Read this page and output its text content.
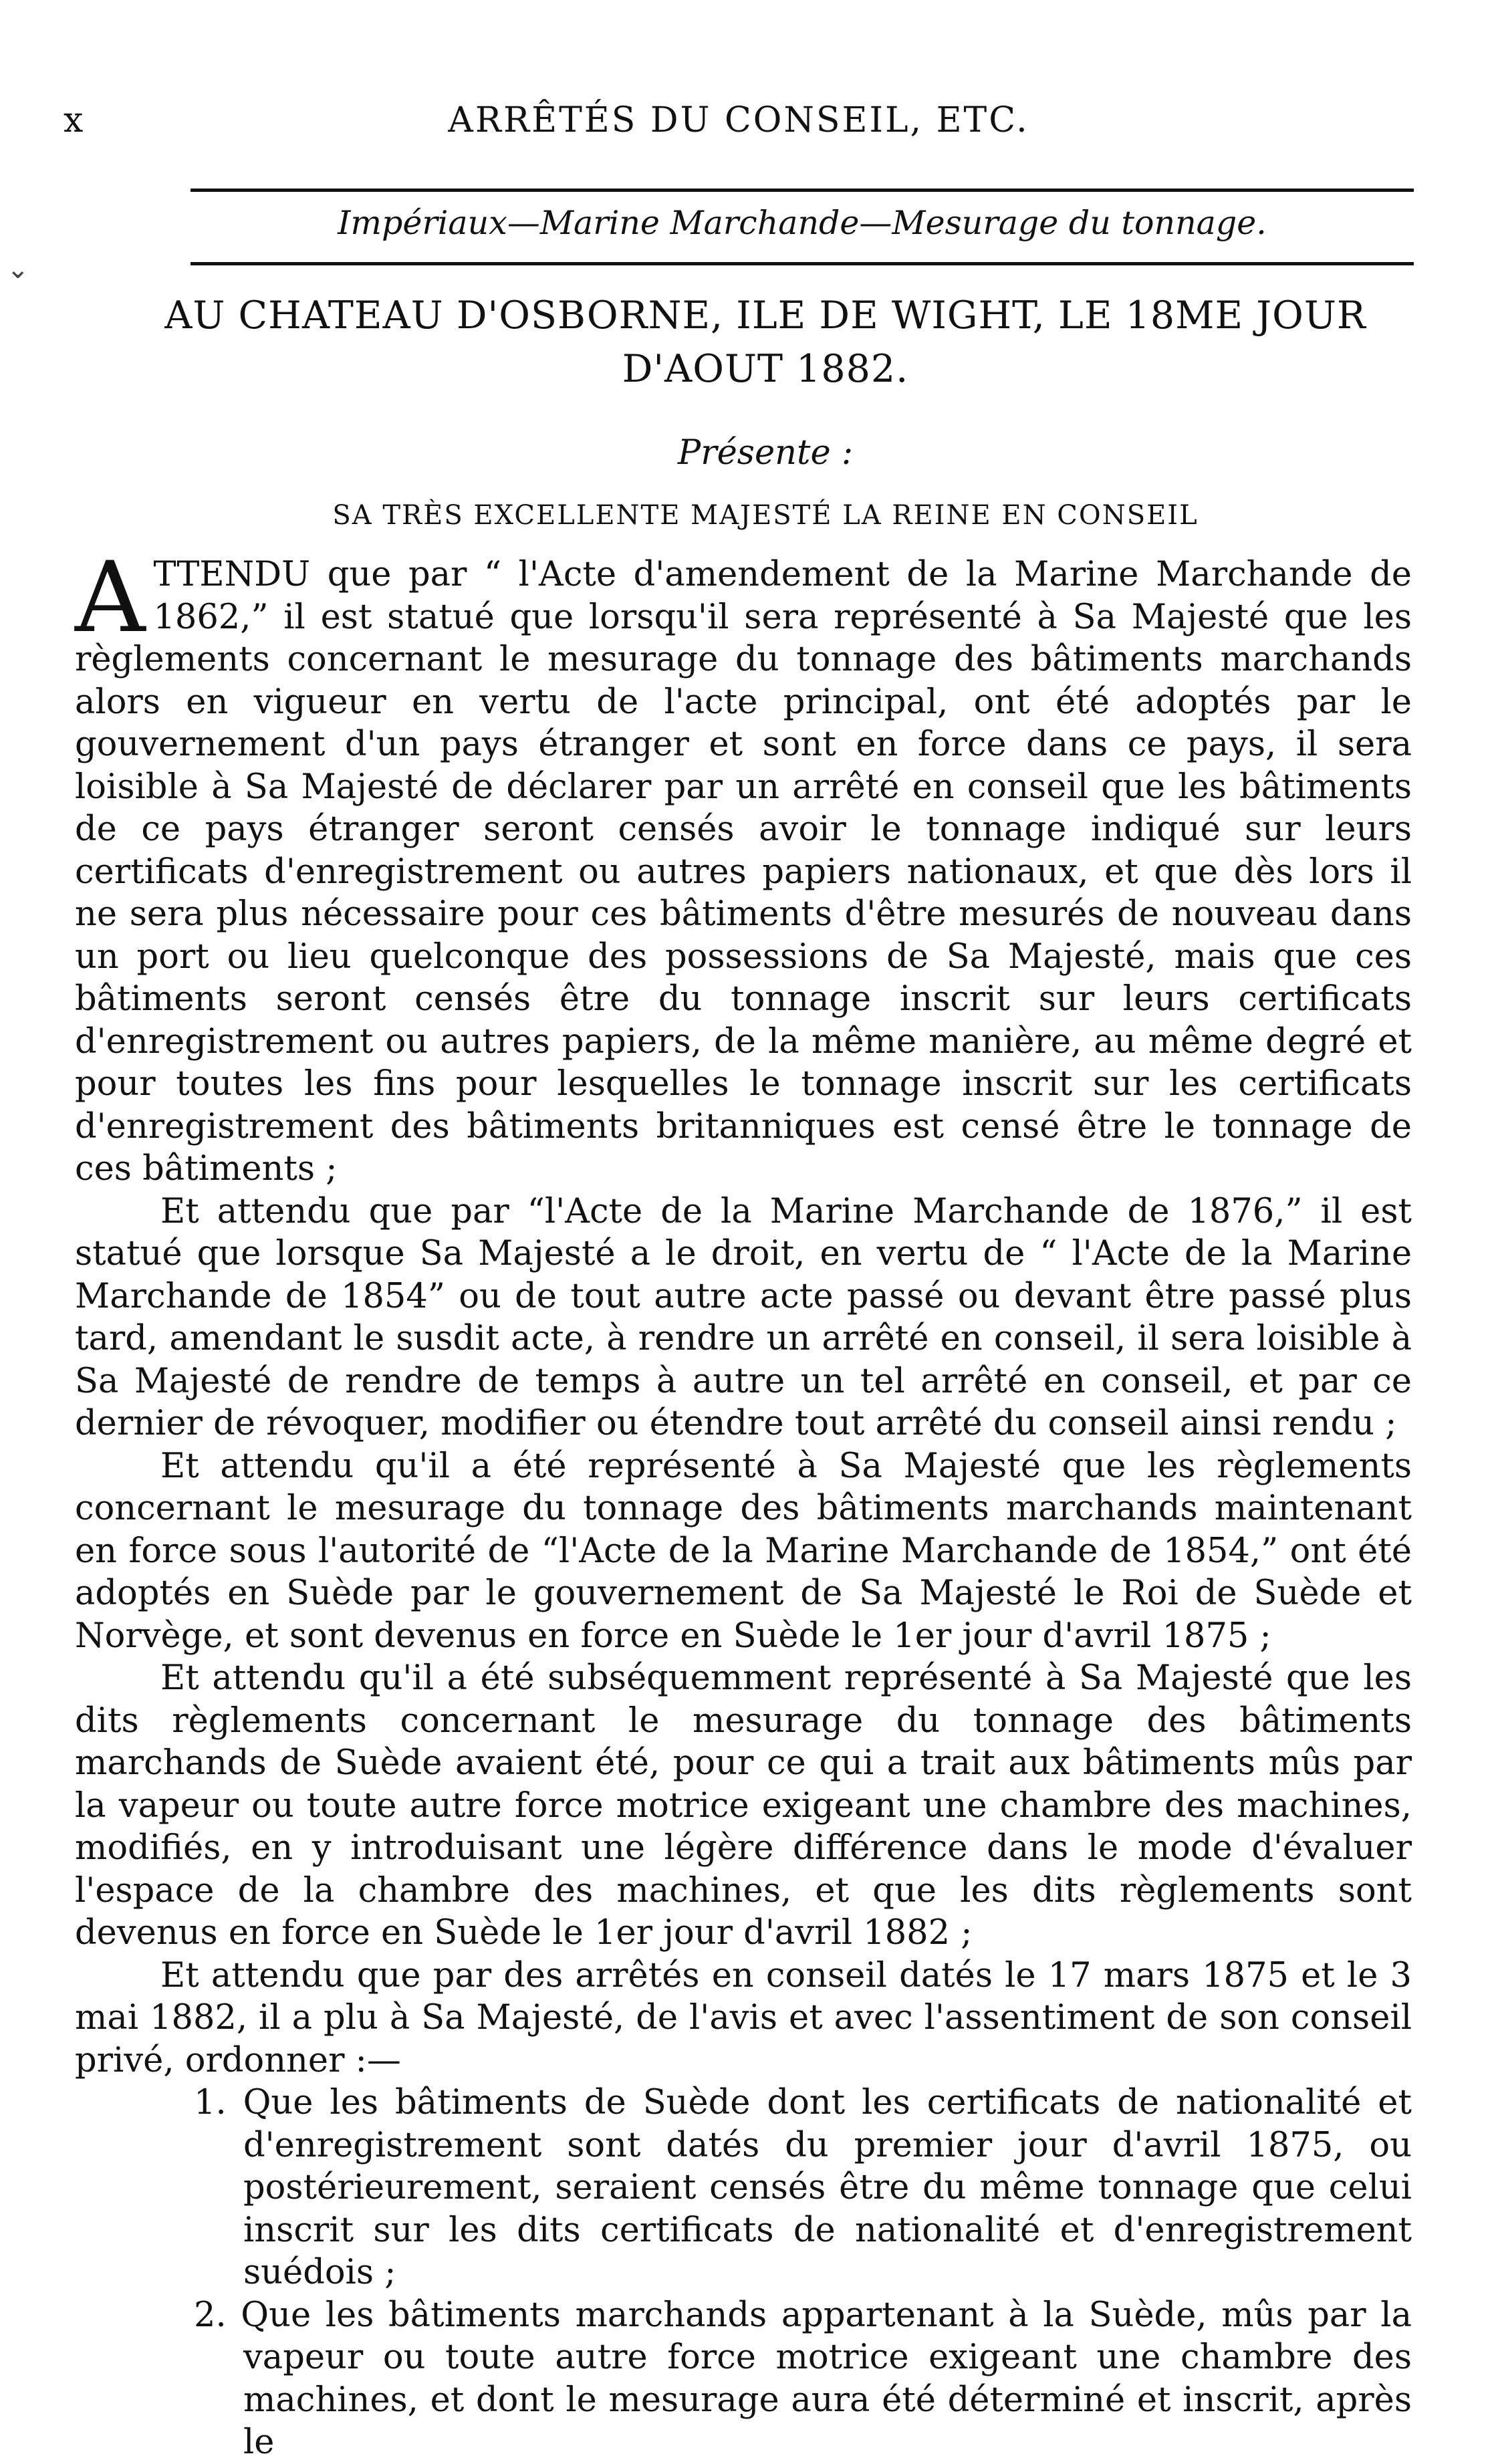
x	ARRÊTÉS DU CONSEIL, ETC.
Impériaux—Marine Marchande—Mesurage du tonnage.
⌄
AU CHATEAU D'OSBORNE, ILE DE WIGHT, LE 18ME JOUR D'AOUT 1882.
Présente :
SA TRÈS EXCELLENTE MAJESTÉ LA REINE EN CONSEIL

ATTENDU que par “ l'Acte d'amendement de la Marine Marchande de 1862,” il est statué que lorsqu'il sera représenté à Sa Majesté que les règlements concernant le mesurage du tonnage des bâtiments marchands alors en vigueur en vertu de l'acte principal, ont été adoptés par le gouvernement d'un pays étranger et sont en force dans ce pays, il sera loisible à Sa Majesté de déclarer par un arrêté en conseil que les bâtiments de ce pays étranger seront censés avoir le tonnage indiqué sur leurs certificats d'enregistrement ou autres papiers nationaux, et que dès lors il ne sera plus nécessaire pour ces bâtiments d'être mesurés de nouveau dans un port ou lieu quelconque des possessions de Sa Majesté, mais que ces bâtiments seront censés être du tonnage inscrit sur leurs certificats d'enregistrement ou autres papiers, de la même manière, au même degré et pour toutes les fins pour lesquelles le tonnage inscrit sur les certificats d'enregistrement des bâtiments britanniques est censé être le tonnage de ces bâtiments ;

Et attendu que par “l'Acte de la Marine Marchande de 1876,” il est statué que lorsque Sa Majesté a le droit, en vertu de “ l'Acte de la Marine Marchande de 1854” ou de tout autre acte passé ou devant être passé plus tard, amendant le susdit acte, à rendre un arrêté en conseil, il sera loisible à Sa Majesté de rendre de temps à autre un tel arrêté en conseil, et par ce dernier de révoquer, modifier ou étendre tout arrêté du conseil ainsi rendu ;

Et attendu qu'il a été représenté à Sa Majesté que les règlements concernant le mesurage du tonnage des bâtiments marchands maintenant en force sous l'autorité de “l'Acte de la Marine Marchande de 1854,” ont été adoptés en Suède par le gouvernement de Sa Majesté le Roi de Suède et Norvège, et sont devenus en force en Suède le 1er jour d'avril 1875 ;

Et attendu qu'il a été subséquemment représenté à Sa Majesté que les dits règlements concernant le mesurage du tonnage des bâtiments marchands de Suède avaient été, pour ce qui a trait aux bâtiments mûs par la vapeur ou toute autre force motrice exigeant une chambre des machines, modifiés, en y introduisant une légère différence dans le mode d'évaluer l'espace de la chambre des machines, et que les dits règlements sont devenus en force en Suède le 1er jour d'avril 1882 ;

Et attendu que par des arrêtés en conseil datés le 17 mars 1875 et le 3 mai 1882, il a plu à Sa Majesté, de l'avis et avec l'assentiment de son conseil privé, ordonner :—

1. Que les bâtiments de Suède dont les certificats de nationalité et d'enregistrement sont datés du premier jour d'avril 1875, ou postérieurement, seraient censés être du même tonnage que celui inscrit sur les dits certificats de nationalité et d'enregistrement suédois ;

2. Que les bâtiments marchands appartenant à la Suède, mûs par la vapeur ou toute autre force motrice exigeant une chambre des machines, et dont le mesurage aura été déterminé et inscrit, après le
